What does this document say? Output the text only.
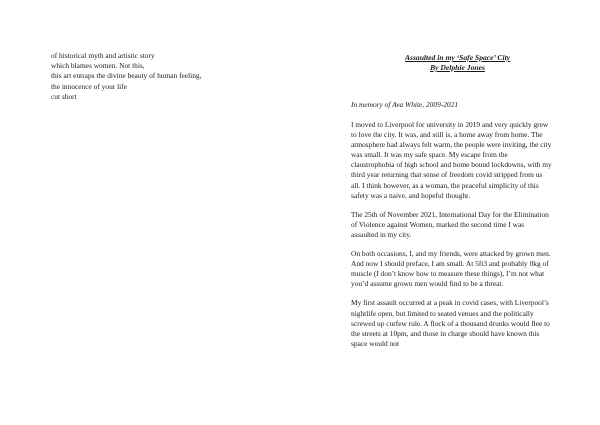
of historical myth and artistic story
which blames women. Not this,
this art entraps the divine beauty of human feeling,
the innocence of your life
cut short
Assaulted in my ‘Safe Space’ City
By Delphie Jones
In memory of Ava White, 2009-2021

I moved to Liverpool for university in 2019 and very quickly grew to love the city. It was, and still is, a home away from home. The atmosphere had always felt warm, the people were inviting, the city was small. It was my safe space. My escape from the claustrophobia of high school and home bound lockdowns, with my third year returning that sense of freedom covid stripped from us all. I think however, as a woman, the peaceful simplicity of this safety was a naive, and hopeful thought.

The 25th of November 2021, International Day for the Elimination of Violence against Women, marked the second time I was assaulted in my city.

On both occasions, I, and my friends, were attacked by grown men. And now I should preface, I am small. At 5ft3 and probably 0kg of muscle (I don’t know how to measure these things), I’m not what you’d assume grown men would find to be a threat.

My first assault occurred at a peak in covid cases, with Liverpool’s nightlife open, but limited to seated venues and the politically screwed up curfew rule. A flock of a thousand drunks would flee to the streets at 10pm, and those in charge should have known this space would not
